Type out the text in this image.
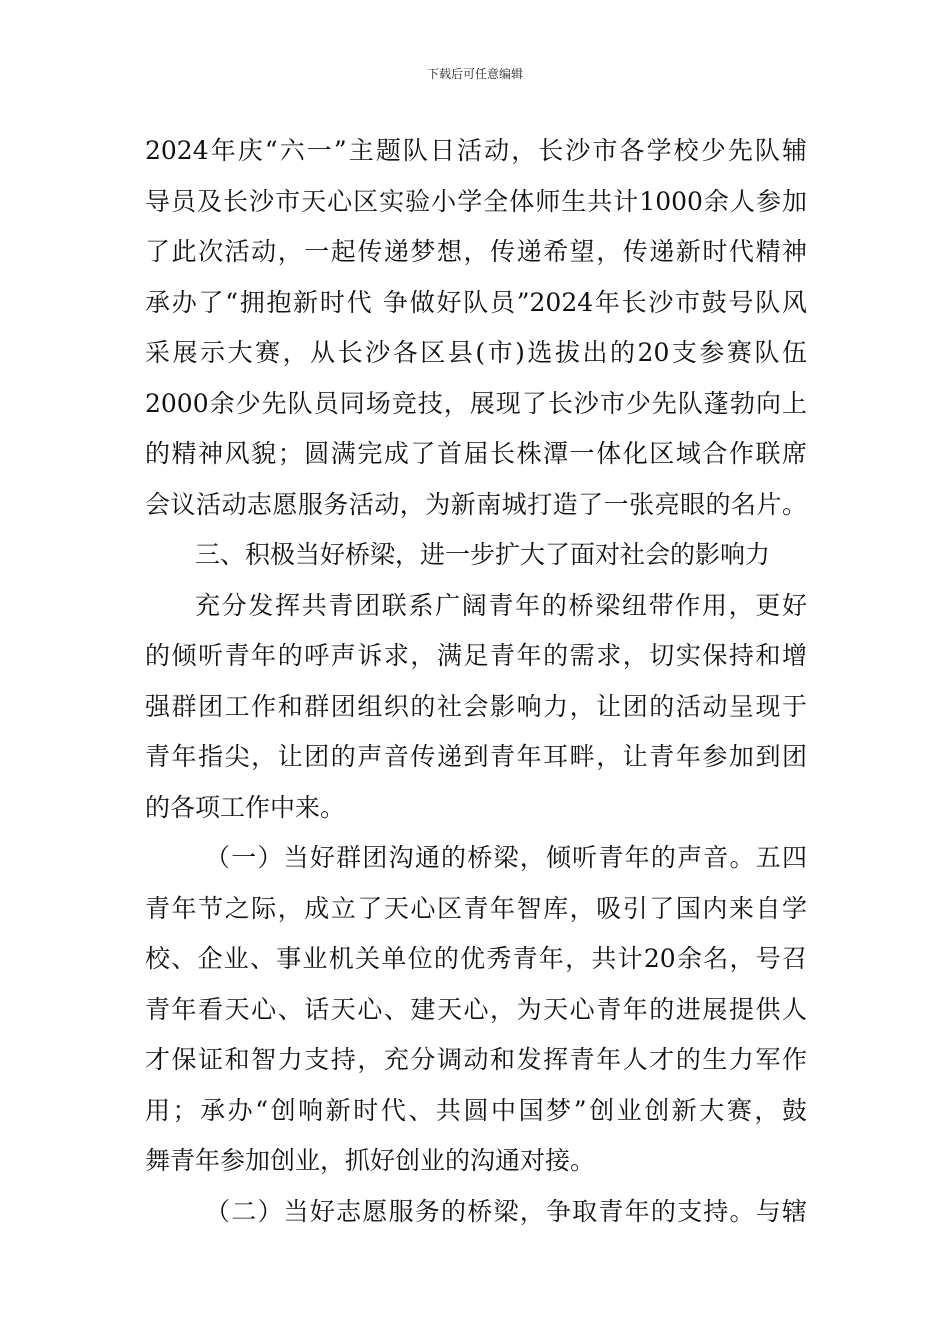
下载后可任意编辑
2024年庆“六一”主题队日活动，长沙市各学校少先队辅
导员及长沙市天心区实验小学全体师生共计1000余人参加
了此次活动，一起传递梦想，传递希望，传递新时代精神
承办了“拥抱新时代 争做好队员”2024年长沙市鼓号队风
采展示大赛，从长沙各区县(市)选拔出的20支参赛队伍
2000余少先队员同场竞技，展现了长沙市少先队蓬勃向上
的精神风貌；圆满完成了首届长株潭一体化区域合作联席
会议活动志愿服务活动，为新南城打造了一张亮眼的名片。
三、积极当好桥梁，进一步扩大了面对社会的影响力
充分发挥共青团联系广阔青年的桥梁纽带作用，更好
的倾听青年的呼声诉求，满足青年的需求，切实保持和增
强群团工作和群团组织的社会影响力，让团的活动呈现于
青年指尖，让团的声音传递到青年耳畔，让青年参加到团
的各项工作中来。
（一）当好群团沟通的桥梁，倾听青年的声音。五四
青年节之际，成立了天心区青年智库，吸引了国内来自学
校、企业、事业机关单位的优秀青年，共计20余名，号召
青年看天心、话天心、建天心，为天心青年的进展提供人
才保证和智力支持，充分调动和发挥青年人才的生力军作
用；承办“创响新时代、共圆中国梦”创业创新大赛，鼓
舞青年参加创业，抓好创业的沟通对接。
（二）当好志愿服务的桥梁，争取青年的支持。与辖
